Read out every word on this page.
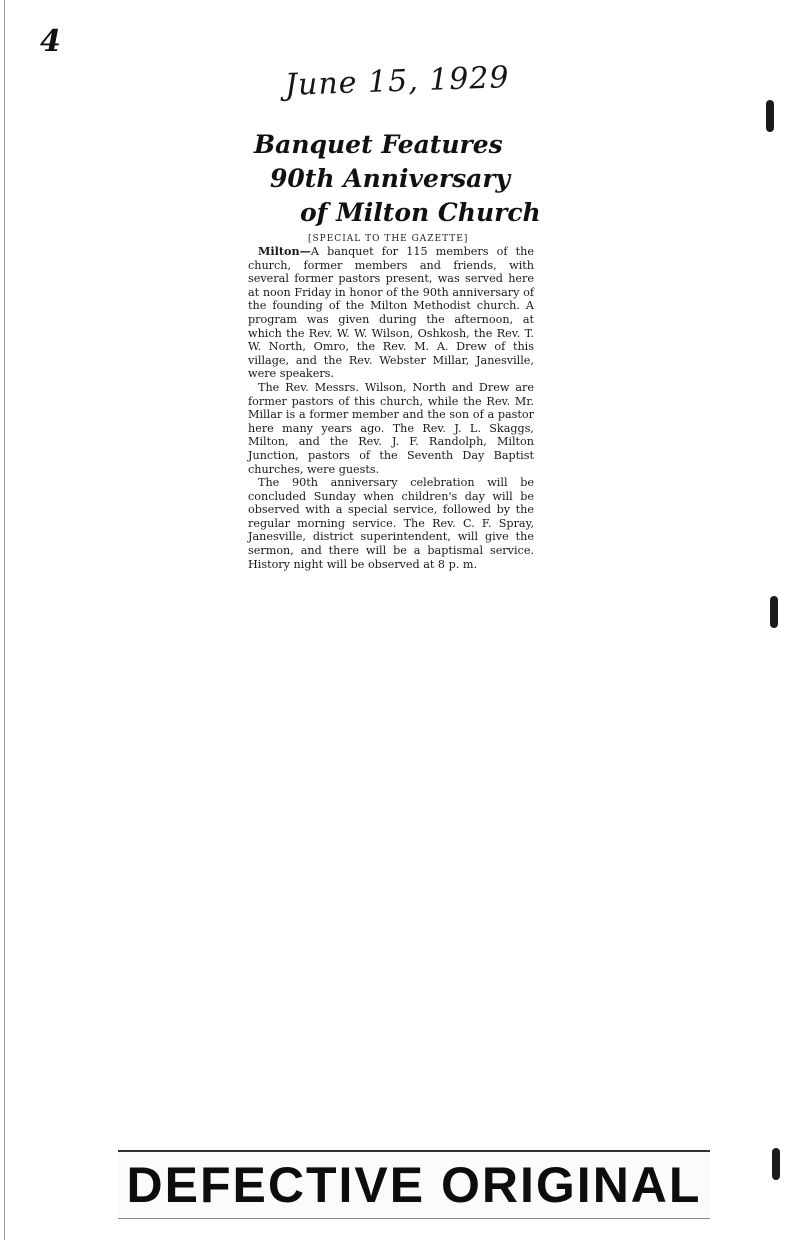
4
June 15, 1929
Banquet Features
90th Anniversary
of Milton Church
[SPECIAL TO THE GAZETTE]

Milton—A banquet for 115 members of the church, former members and friends, with several former pastors present, was served here at noon Friday in honor of the 90th anniversary of the founding of the Milton Methodist church. A program was given during the afternoon, at which the Rev. W. W. Wilson, Oshkosh, the Rev. T. W. North, Omro, the Rev. M. A. Drew of this village, and the Rev. Webster Millar, Janesville, were speakers.

The Rev. Messrs. Wilson, North and Drew are former pastors of this church, while the Rev. Mr. Millar is a former member and the son of a pastor here many years ago. The Rev. J. L. Skaggs, Milton, and the Rev. J. F. Randolph, Milton Junction, pastors of the Seventh Day Baptist churches, were guests.

The 90th anniversary celebration will be concluded Sunday when children's day will be observed with a special service, followed by the regular morning service. The Rev. C. F. Spray, Janesville, district superintendent, will give the sermon, and there will be a baptismal service. History night will be observed at 8 p. m.

DEFECTIVE ORIGINAL
